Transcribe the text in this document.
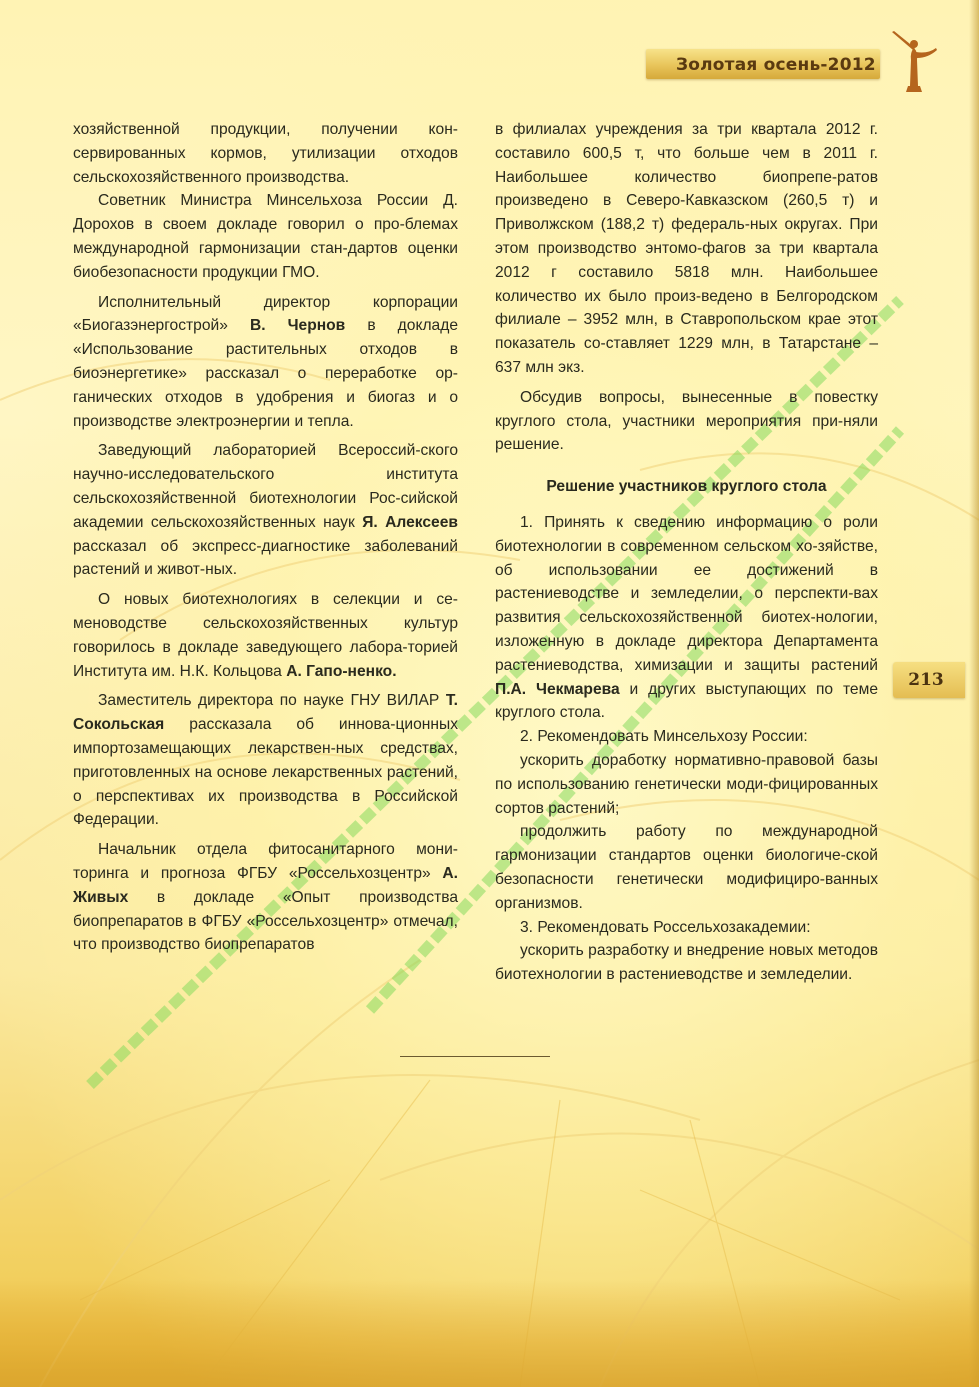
Золотая осень-2012
213

хозяйственной продукции, получении кон-сервированных кормов, утилизации отходов сельскохозяйственного производства.

Советник Министра Минсельхоза России Д. Дорохов в своем докладе говорил о про-блемах международной гармонизации стан-дартов оценки биобезопасности продукции ГМО.

Исполнительный директор корпорации «Биогазэнергострой» В. Чернов в докладе «Использование растительных отходов в биоэнергетике» рассказал о переработке ор-ганических отходов в удобрения и биогаз и о производстве электроэнергии и тепла.

Заведующий лабораторией Всероссий-ского научно-исследовательского института сельскохозяйственной биотехнологии Рос-сийской академии сельскохозяйственных наук Я. Алексеев рассказал об экспресс-диагностике заболеваний растений и живот-ных.

О новых биотехнологиях в селекции и се-меноводстве сельскохозяйственных культур говорилось в докладе заведующего лабора-торией Института им. Н.К. Кольцова А. Гапо-ненко.

Заместитель директора по науке ГНУ ВИЛАР Т. Сокольская рассказала об иннова-ционных импортозамещающих лекарствен-ных средствах, приготовленных на основе лекарственных растений, о перспективах их производства в Российской Федерации.

Начальник отдела фитосанитарного мони-торинга и прогноза ФГБУ «Россельхозцентр» А. Живых в докладе «Опыт производства биопрепаратов в ФГБУ «Россельхозцентр» отмечал, что производство биопрепаратов

в филиалах учреждения за три квартала 2012 г. составило 600,5 т, что больше чем в 2011 г. Наибольшее количество биопрепе-ратов произведено в Северо-Кавказском (260,5 т) и Приволжском (188,2 т) федераль-ных округах. При этом производство энтомо-фагов за три квартала 2012 г составило 5818 млн. Наибольшее количество их было произ-ведено в Белгородском филиале – 3952 млн, в Ставропольском крае этот показатель со-ставляет 1229 млн, в Татарстане – 637 млн экз.

Обсудив вопросы, вынесенные в повестку круглого стола, участники мероприятия при-няли решение.

Решение участников круглого стола

1. Принять к сведению информацию о роли биотехнологии в современном сельском хо-зяйстве, об использовании ее достижений в растениеводстве и земледелии, о перспекти-вах развития сельскохозяйственной биотех-нологии, изложенную в докладе директора Департамента растениеводства, химизации и защиты растений П.А. Чекмарева и других выступающих по теме круглого стола.

2. Рекомендовать Минсельхозу России:

ускорить доработку нормативно-правовой базы по использованию генетически моди-фицированных сортов растений;

продолжить работу по международной гармонизации стандартов оценки биологиче-ской безопасности генетически модифициро-ванных организмов.

3. Рекомендовать Россельхозакадемии:

ускорить разработку и внедрение новых методов биотехнологии в растениеводстве и земледелии.
